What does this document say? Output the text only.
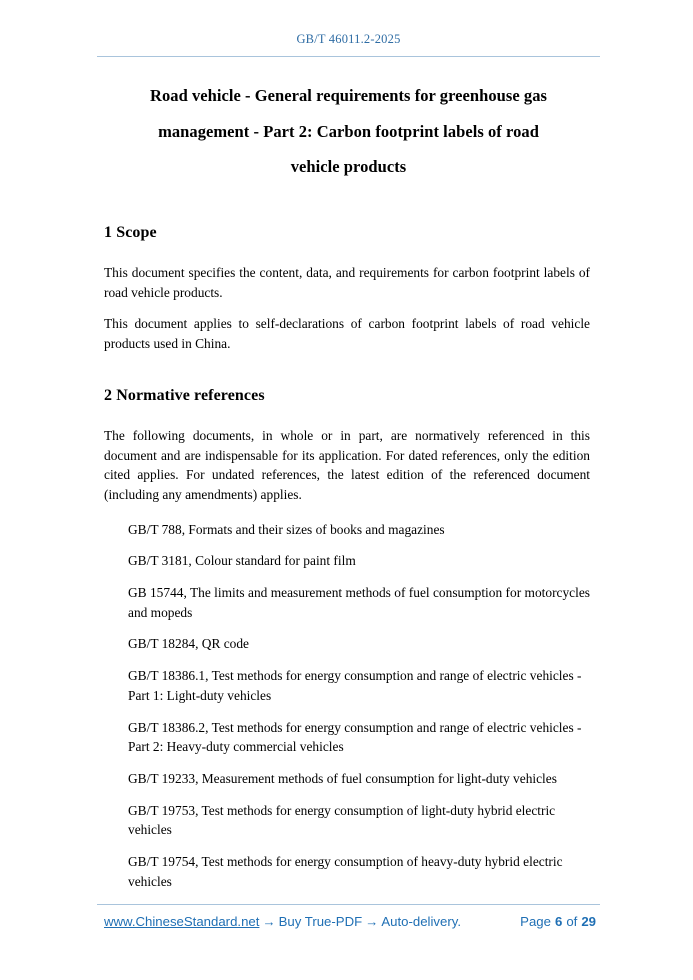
GB/T 46011.2-2025
Road vehicle - General requirements for greenhouse gas
management - Part 2: Carbon footprint labels of road
vehicle products
1 Scope

This document specifies the content, data, and requirements for carbon footprint labels of road vehicle products.

This document applies to self-declarations of carbon footprint labels of road vehicle products used in China.

2 Normative references

The following documents, in whole or in part, are normatively referenced in this document and are indispensable for its application. For dated references, only the edition cited applies. For undated references, the latest edition of the referenced document (including any amendments) applies.

GB/T 788, Formats and their sizes of books and magazines

GB/T 3181, Colour standard for paint film

GB 15744, The limits and measurement methods of fuel consumption for motorcycles and mopeds

GB/T 18284, QR code

GB/T 18386.1, Test methods for energy consumption and range of electric vehicles - Part 1: Light-duty vehicles

GB/T 18386.2, Test methods for energy consumption and range of electric vehicles - Part 2: Heavy-duty commercial vehicles

GB/T 19233, Measurement methods of fuel consumption for light-duty vehicles

GB/T 19753, Test methods for energy consumption of light-duty hybrid electric vehicles

GB/T 19754, Test methods for energy consumption of heavy-duty hybrid electric vehicles

www.ChineseStandard.net → Buy True-PDF → Auto-delivery.	Page 6 of 29
